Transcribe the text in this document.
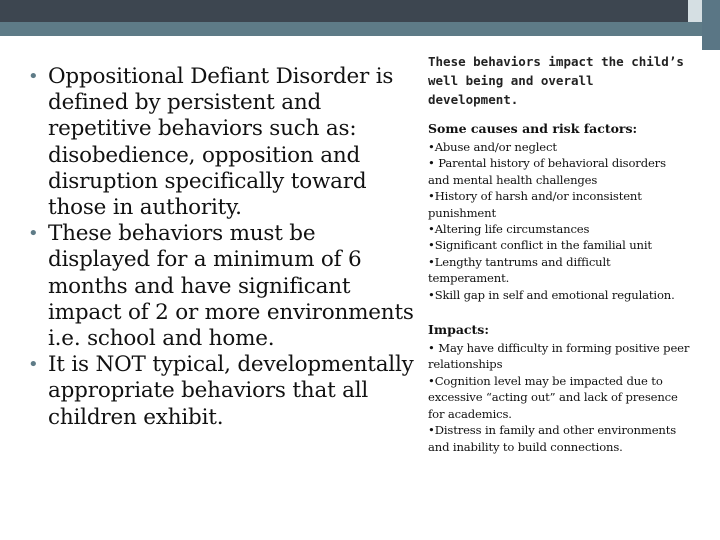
• Oppositional Defiant Disorder is defined by persistent and repetitive behaviors such as: disobedience, opposition and disruption specifically toward those in authority.

• These behaviors must be displayed for a minimum of 6 months and have significant impact of 2 or more environments i.e. school and home.

• It is NOT typical, developmentally appropriate behaviors that all children exhibit.

These behaviors impact the child’s well being and overall development.

Some causes and risk factors:

•Abuse and/or neglect

• Parental history of behavioral disorders and mental health challenges

•History of harsh and/or inconsistent punishment

•Altering life circumstances

•Significant conflict in the familial unit

•Lengthy tantrums and difficult temperament.

•Skill gap in self and emotional regulation.

Impacts:

• May have difficulty in forming positive peer relationships

•Cognition level may be impacted due to excessive “acting out” and lack of presence for academics.

•Distress in family and other environments and inability to build connections.
